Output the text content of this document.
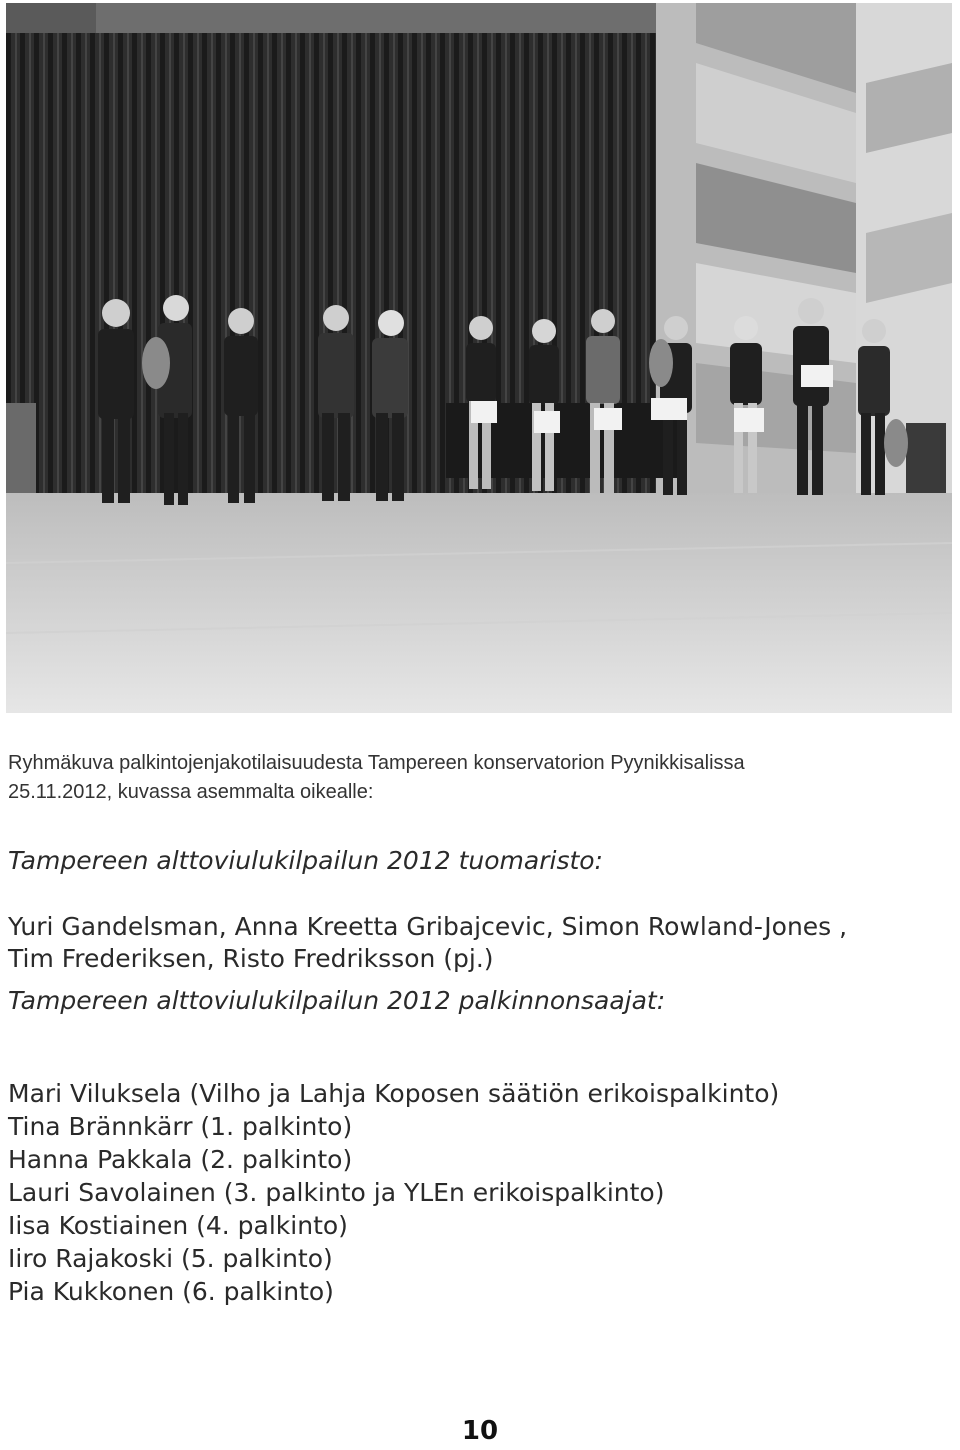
Ryhmäkuva palkintojenjakotilaisuudesta Tampereen konservatorion Pyynikkisalissa
25.11.2012, kuvassa asemmalta oikealle:
Tampereen alttoviulukilpailun 2012 tuomaristo:
Yuri Gandelsman, Anna Kreetta Gribajcevic, Simon Rowland-Jones ,
Tim Frederiksen, Risto Fredriksson (pj.)
Tampereen alttoviulukilpailun 2012 palkinnonsaajat:
Mari Viluksela (Vilho ja Lahja Koposen säätiön erikoispalkinto)
Tina Brännkärr (1. palkinto)
Hanna Pakkala (2. palkinto)
Lauri Savolainen (3. palkinto ja YLEn erikoispalkinto)
Iisa Kostiainen (4. palkinto)
Iiro Rajakoski (5. palkinto)
Pia Kukkonen (6. palkinto)
10
